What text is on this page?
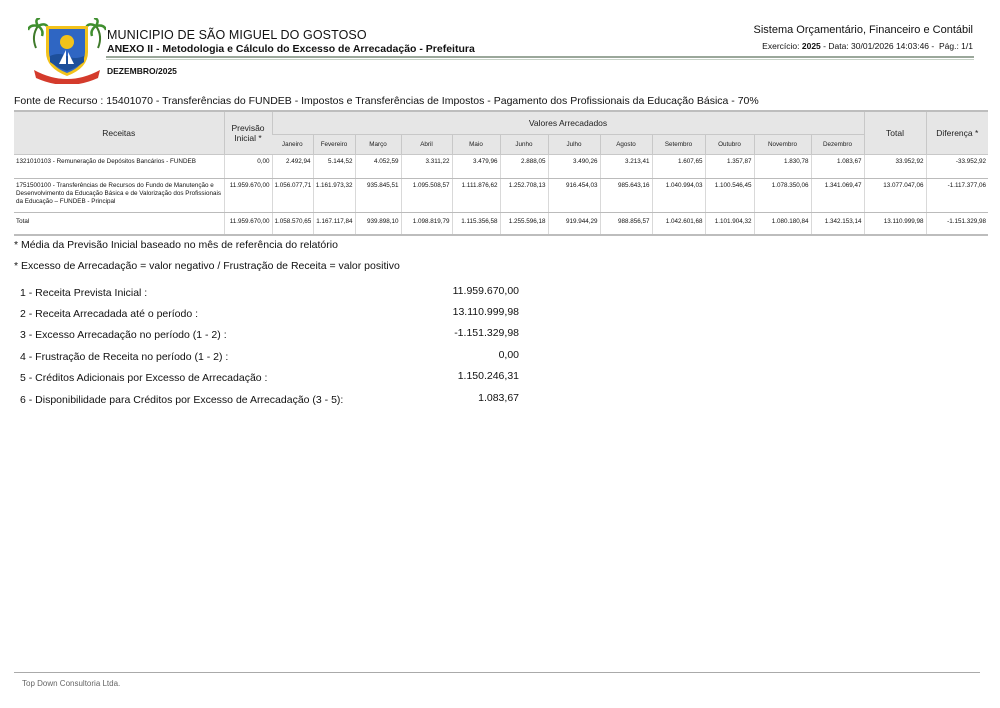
MUNICIPIO DE SÃO MIGUEL DO GOSTOSO
ANEXO II - Metodologia e Cálculo do Excesso de Arrecadação - Prefeitura
DEZEMBRO/2025
Sistema Orçamentário, Financeiro e Contábil
Exercício: 2025 - Data: 30/01/2026 14:03:46 - Pág.: 1/1
Fonte de Recurso : 15401070 - Transferências do FUNDEB - Impostos e Transferências de Impostos - Pagamento dos Profissionais da Educação Básica - 70%
Receitas	Previsão Inicial *	Valores Arrecadados												Total	Diferença *
		Janeiro	Fevereiro	Março	Abril	Maio	Junho	Julho	Agosto	Setembro	Outubro	Novembro	Dezembro		
1321010103 - Remuneração de Depósitos Bancários - FUNDEB	0,00	2.492,94	5.144,52	4.052,59	3.311,22	3.479,96	2.888,05	3.490,26	3.213,41	1.607,65	1.357,87	1.830,78	1.083,67	33.952,92	-33.952,92
1751500100 - Transferências de Recursos do Fundo de Manutenção e Desenvolvimento da Educação Básica e de Valorização dos Profissionais da Educação – FUNDEB - Principal	11.959.670,00	1.056.077,71	1.161.973,32	935.845,51	1.095.508,57	1.111.876,62	1.252.708,13	916.454,03	985.643,16	1.040.994,03	1.100.546,45	1.078.350,06	1.341.069,47	13.077.047,06	-1.117.377,06
Total	11.959.670,00	1.058.570,65	1.167.117,84	939.898,10	1.098.819,79	1.115.356,58	1.255.596,18	919.944,29	988.856,57	1.042.601,68	1.101.904,32	1.080.180,84	1.342.153,14	13.110.999,98	-1.151.329,98
* Média da Previsão Inicial baseado no mês de referência do relatório
* Excesso de Arrecadação = valor negativo / Frustração de Receita = valor positivo
1 - Receita Prevista Inicial :	11.959.670,00
2 - Receita Arrecadada até o período :	13.110.999,98
3 - Excesso Arrecadação no período (1 - 2) :	-1.151.329,98
4 - Frustração de Receita no período (1 - 2) :	0,00
5 - Créditos Adicionais por Excesso de Arrecadação :	1.150.246,31
6 - Disponibilidade para Créditos por Excesso de Arrecadação (3 - 5):	1.083,67
Top Down Consultoria Ltda.
